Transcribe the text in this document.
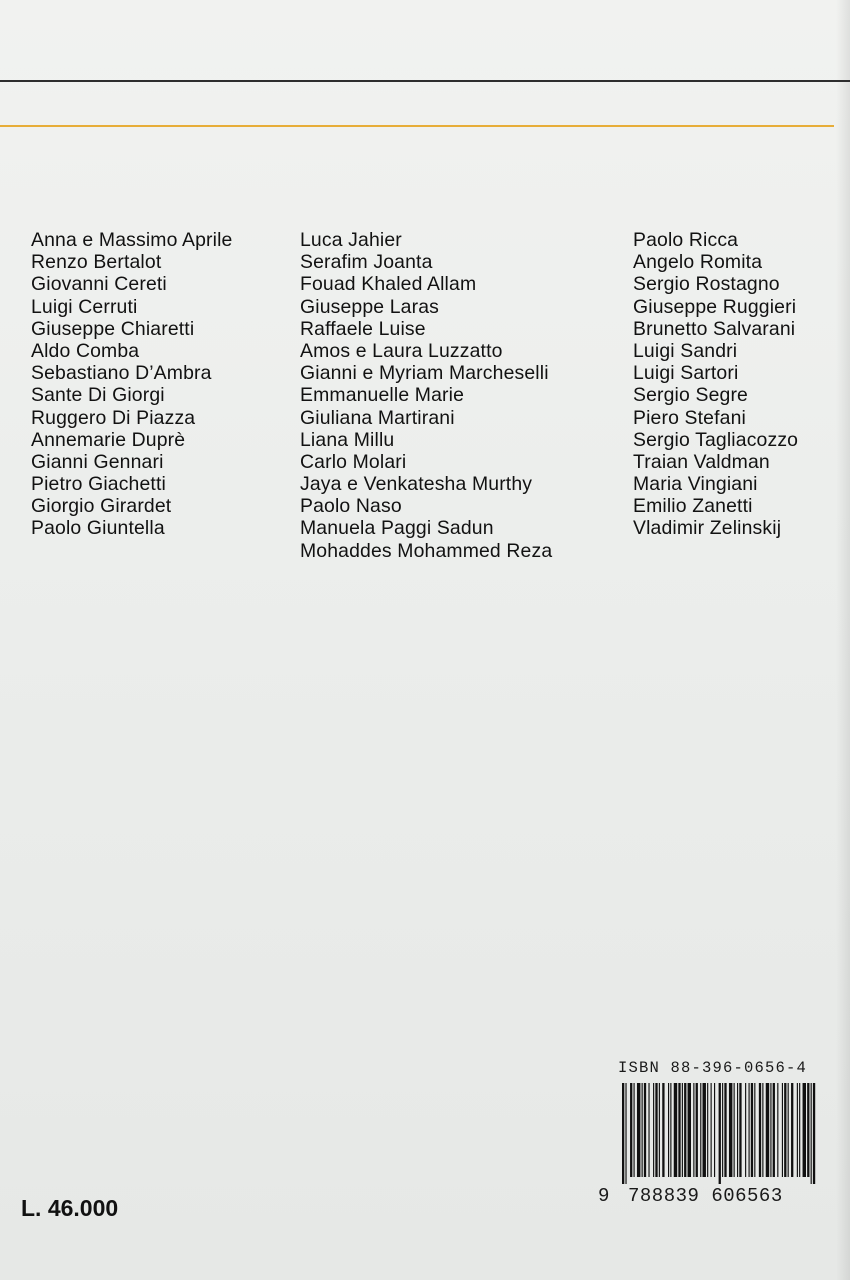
Anna e Massimo Aprile
Renzo Bertalot
Giovanni Cereti
Luigi Cerruti
Giuseppe Chiaretti
Aldo Comba
Sebastiano D’Ambra
Sante Di Giorgi
Ruggero Di Piazza
Annemarie Duprè
Gianni Gennari
Pietro Giachetti
Giorgio Girardet
Paolo Giuntella
Luca Jahier
Serafim Joanta
Fouad Khaled Allam
Giuseppe Laras
Raffaele Luise
Amos e Laura Luzzatto
Gianni e Myriam Marcheselli
Emmanuelle Marie
Giuliana Martirani
Liana Millu
Carlo Molari
Jaya e Venkatesha Murthy
Paolo Naso
Manuela Paggi Sadun
Mohaddes Mohammed Reza
Paolo Ricca
Angelo Romita
Sergio Rostagno
Giuseppe Ruggieri
Brunetto Salvarani
Luigi Sandri
Luigi Sartori
Sergio Segre
Piero Stefani
Sergio Tagliacozzo
Traian Valdman
Maria Vingiani
Emilio Zanetti
Vladimir Zelinskij
ISBN 88-396-0656-4
9 788839 606563
L. 46.000
